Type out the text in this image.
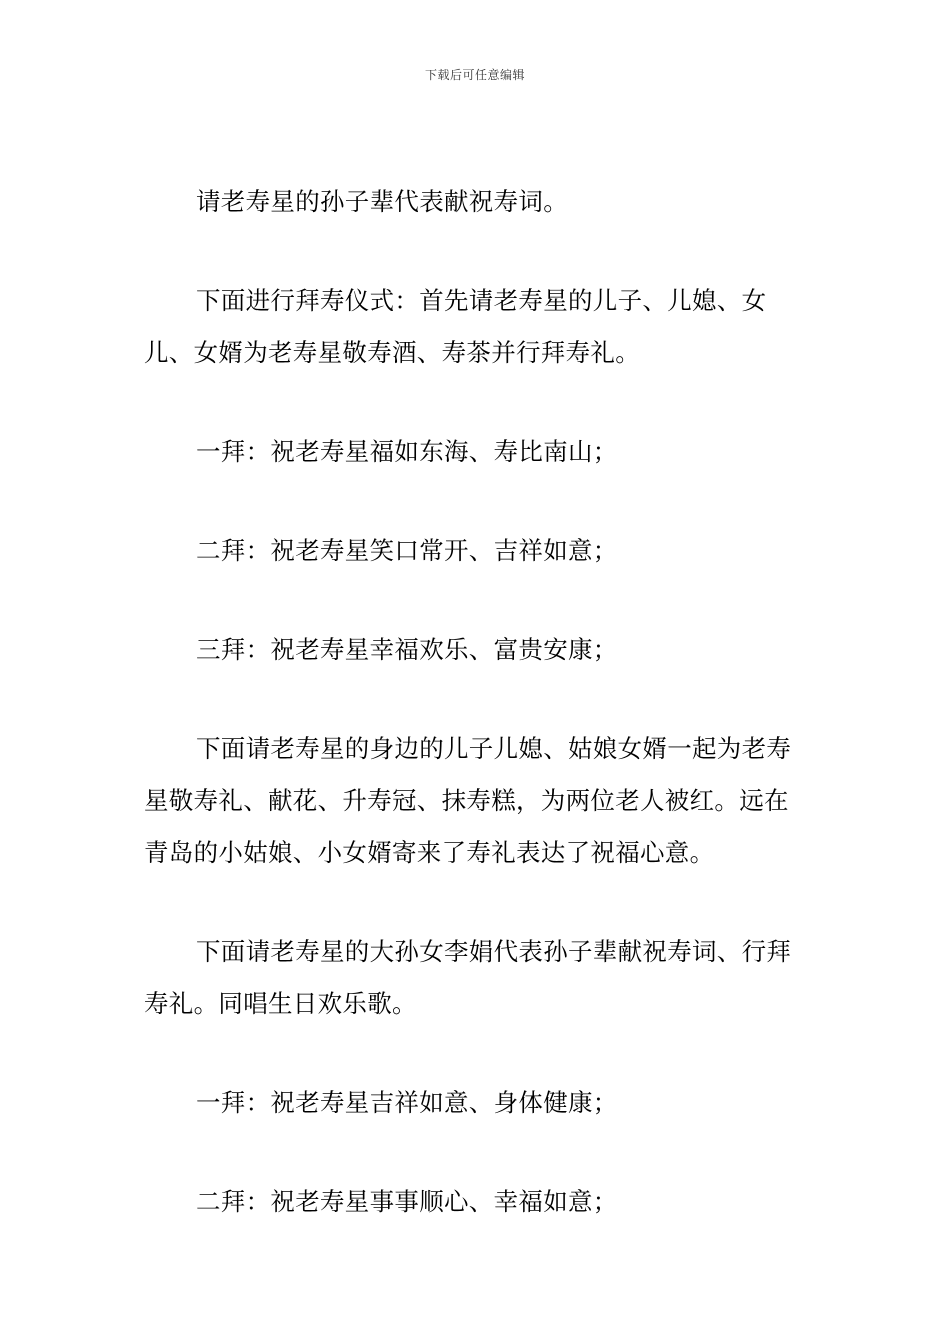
下载后可任意编辑

请老寿星的孙子辈代表献祝寿词。

下面进行拜寿仪式：首先请老寿星的儿子、儿媳、女儿、女婿为老寿星敬寿酒、寿茶并行拜寿礼。

一拜：祝老寿星福如东海、寿比南山；

二拜：祝老寿星笑口常开、吉祥如意；

三拜：祝老寿星幸福欢乐、富贵安康；

下面请老寿星的身边的儿子儿媳、姑娘女婿一起为老寿星敬寿礼、献花、升寿冠、抹寿糕，为两位老人被红。远在青岛的小姑娘、小女婿寄来了寿礼表达了祝福心意。

下面请老寿星的大孙女李娟代表孙子辈献祝寿词、行拜寿礼。同唱生日欢乐歌。

一拜：祝老寿星吉祥如意、身体健康；

二拜：祝老寿星事事顺心、幸福如意；
